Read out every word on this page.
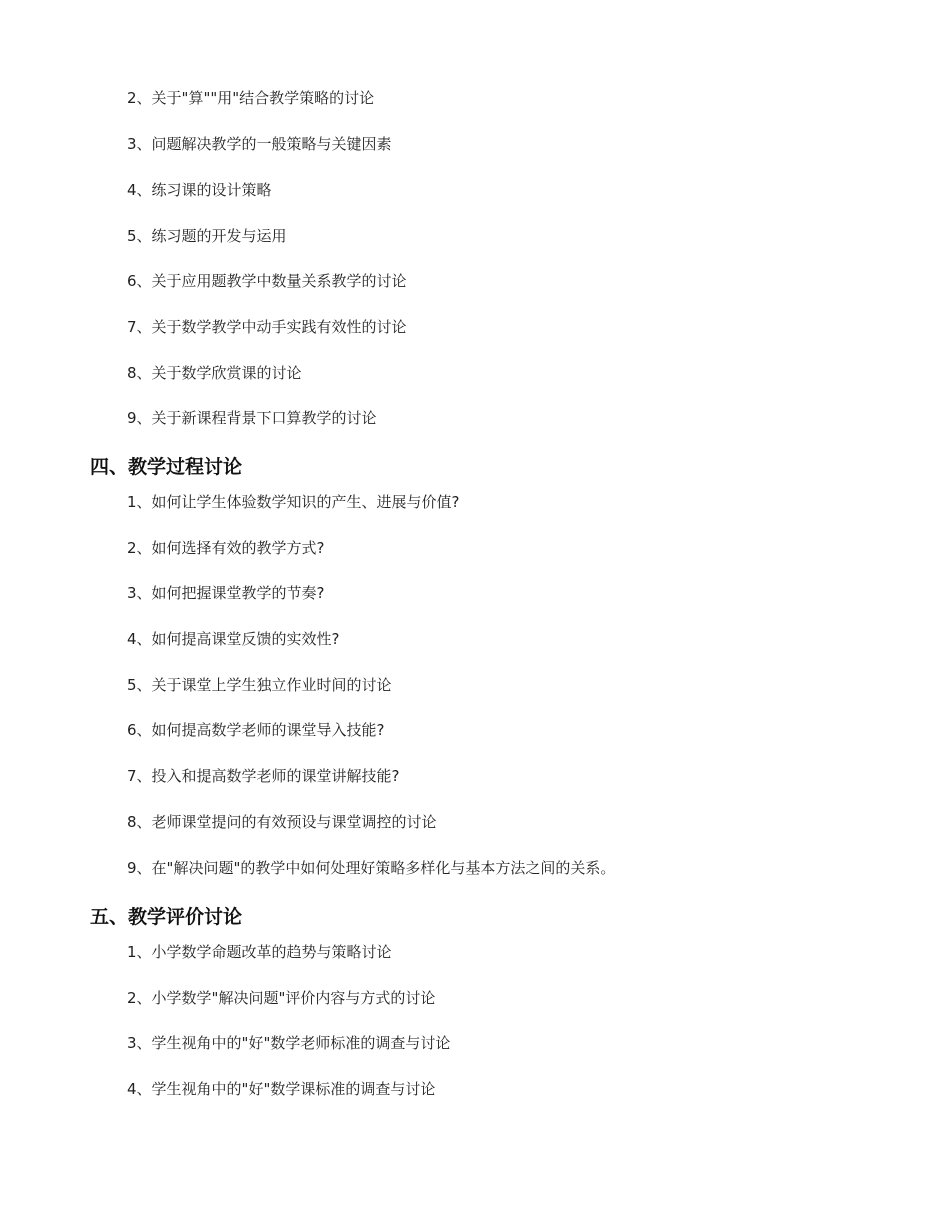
2、关于"算""用"结合教学策略的讨论
3、问题解决教学的一般策略与关键因素
4、练习课的设计策略
5、练习题的开发与运用
6、关于应用题教学中数量关系教学的讨论
7、关于数学教学中动手实践有效性的讨论
8、关于数学欣赏课的讨论
9、关于新课程背景下口算教学的讨论
四、教学过程讨论
1、如何让学生体验数学知识的产生、进展与价值?
2、如何选择有效的教学方式?
3、如何把握课堂教学的节奏?
4、如何提高课堂反馈的实效性?
5、关于课堂上学生独立作业时间的讨论
6、如何提高数学老师的课堂导入技能?
7、投入和提高数学老师的课堂讲解技能?
8、老师课堂提问的有效预设与课堂调控的讨论
9、在"解决问题"的教学中如何处理好策略多样化与基本方法之间的关系。
五、教学评价讨论
1、小学数学命题改革的趋势与策略讨论
2、小学数学"解决问题"评价内容与方式的讨论
3、学生视角中的"好"数学老师标准的调查与讨论
4、学生视角中的"好"数学课标准的调查与讨论
